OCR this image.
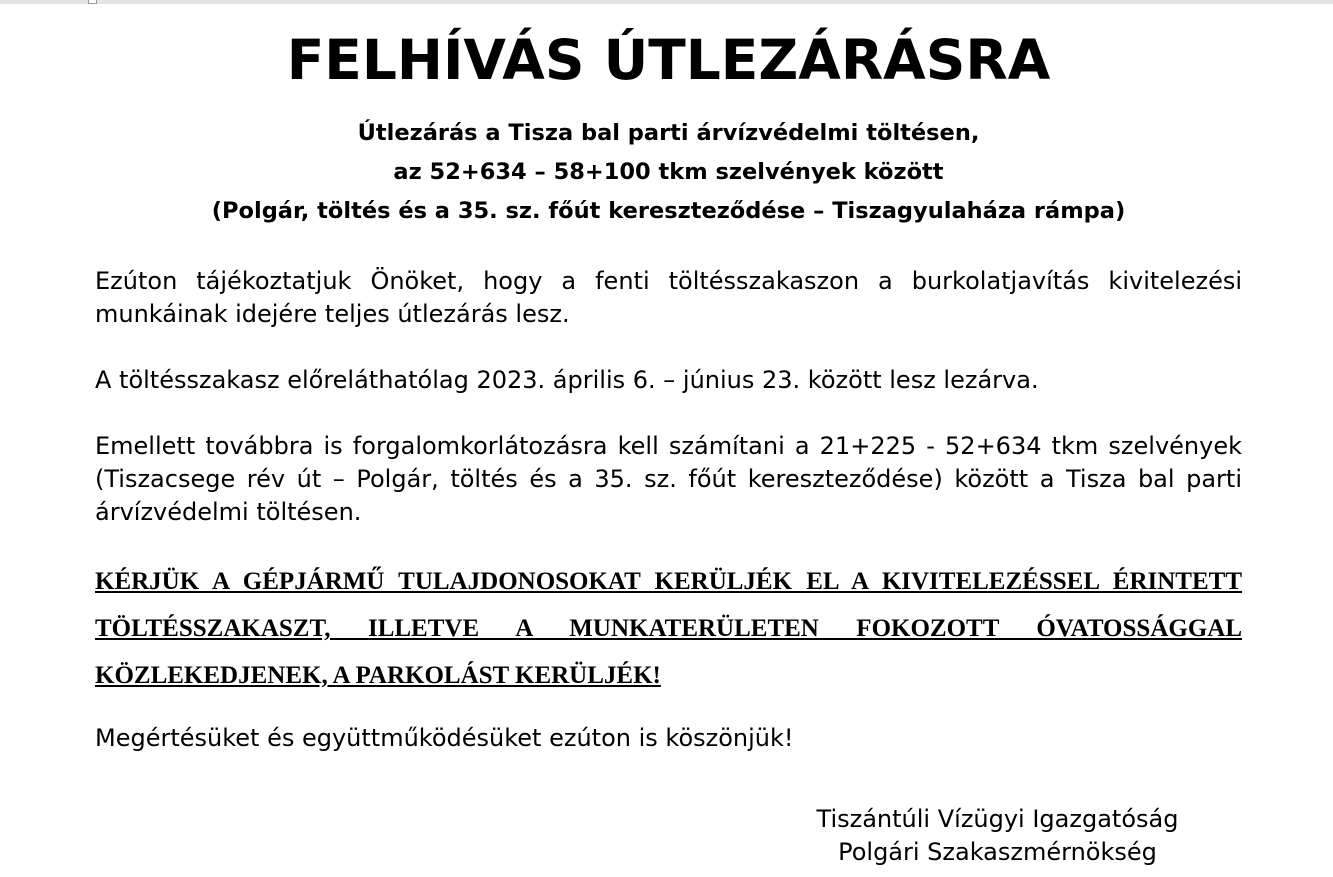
FELHÍVÁS ÚTLEZÁRÁSRA
Útlezárás a Tisza bal parti árvízvédelmi töltésen,
az 52+634 – 58+100 tkm szelvények között
(Polgár, töltés és a 35. sz. főút kereszteződése – Tiszagyulaháza rámpa)
Ezúton tájékoztatjuk Önöket, hogy a fenti töltésszakaszon a burkolatjavítás kivitelezési munkáinak idejére teljes útlezárás lesz.
A töltésszakasz előreláthatólag 2023. április 6. – június 23. között lesz lezárva.
Emellett továbbra is forgalomkorlátozásra kell számítani a 21+225 - 52+634 tkm szelvények (Tiszacsege rév út – Polgár, töltés és a 35. sz. főút kereszteződése) között a Tisza bal parti árvízvédelmi töltésen.
KÉRJÜK A GÉPJÁRMŰ TULAJDONOSOKAT KERÜLJÉK EL A KIVITELEZÉSSEL ÉRINTETT TÖLTÉSSZAKASZT, ILLETVE A MUNKATERÜLETEN FOKOZOTT ÓVATOSSÁGGAL KÖZLEKEDJENEK, A PARKOLÁST KERÜLJÉK!
Megértésüket és együttműködésüket ezúton is köszönjük!
Tiszántúli Vízügyi Igazgatóság
Polgári Szakaszmérnökség
